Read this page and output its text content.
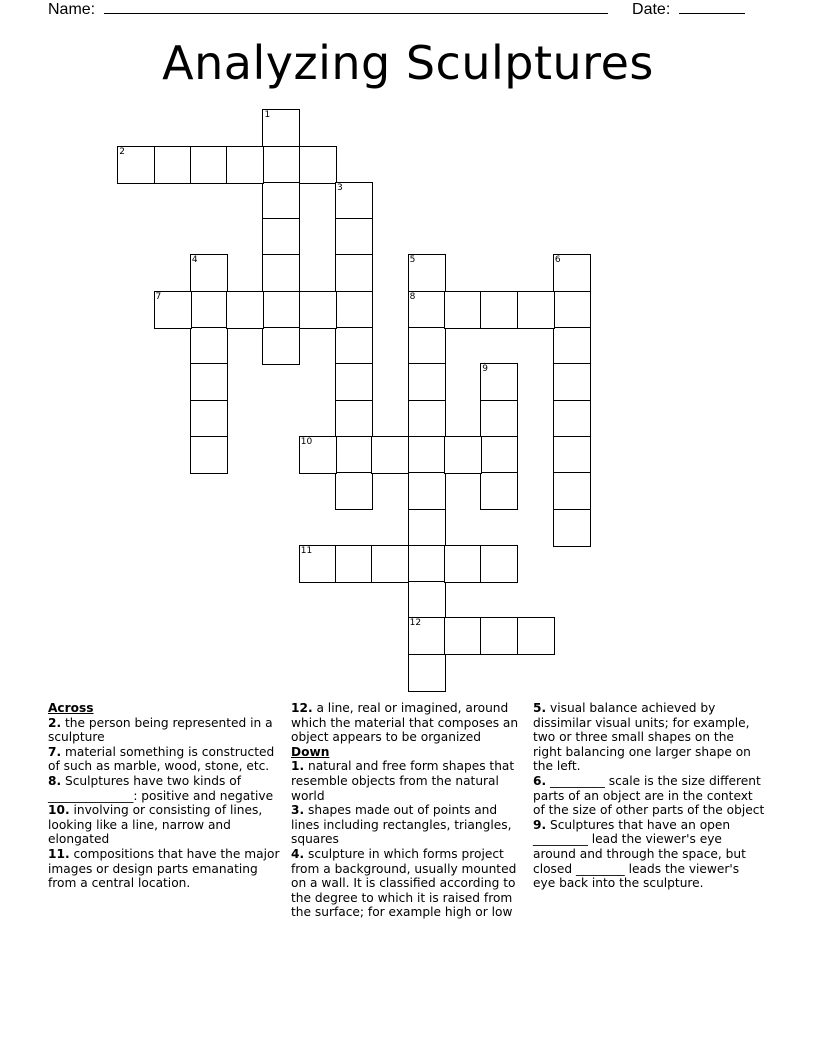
Name:	Date:
Analyzing Sculptures
1
2
3
4	5
8
12
6
7
9
10
11

Across

2. the person being represented in a sculpture

7. material something is constructed of such as marble, wood, stone, etc.

8. Sculptures have two kinds of ______________: positive and negative

10. involving or consisting of lines, looking like a line, narrow and elongated

11. compositions that have the major images or design parts emanating from a central location.

12. a line, real or imagined, around which the material that composes an object appears to be organized

Down

1. natural and free form shapes that resemble objects from the natural world

3. shapes made out of points and lines including rectangles, triangles, squares

4. sculpture in which forms project from a background, usually mounted on a wall. It is classified according to the degree to which it is raised from the surface; for example high or low

5. visual balance achieved by dissimilar visual units; for example, two or three small shapes on the right balancing one larger shape on the left.

6. _________ scale is the size different parts of an object are in the context of the size of other parts of the object

9. Sculptures that have an open _________ lead the viewer's eye around and through the space, but closed ________ leads the viewer's eye back into the sculpture.
